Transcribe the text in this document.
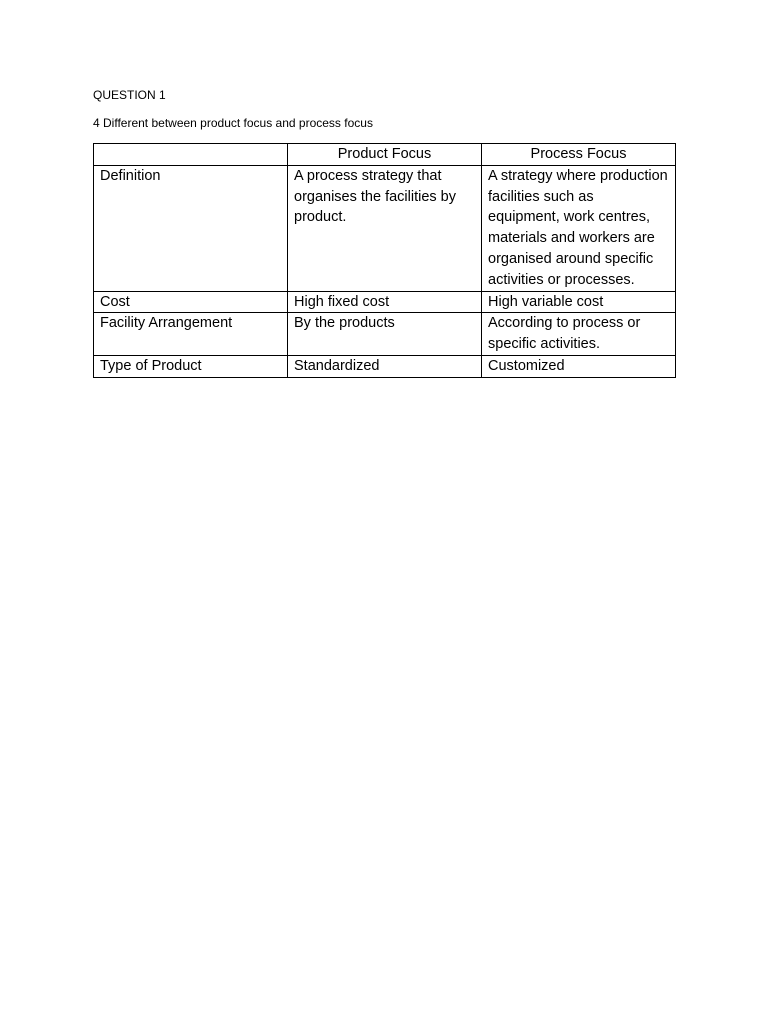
QUESTION 1
4 Different between product focus and process focus
	Product Focus	Process Focus
Definition	A process strategy that organises the facilities by product.	A strategy where production facilities such as equipment, work centres, materials and workers are organised around specific activities or processes.
Cost	High fixed cost	High variable cost
Facility Arrangement	By the products	According to process or specific activities.
Type of Product	Standardized	Customized
